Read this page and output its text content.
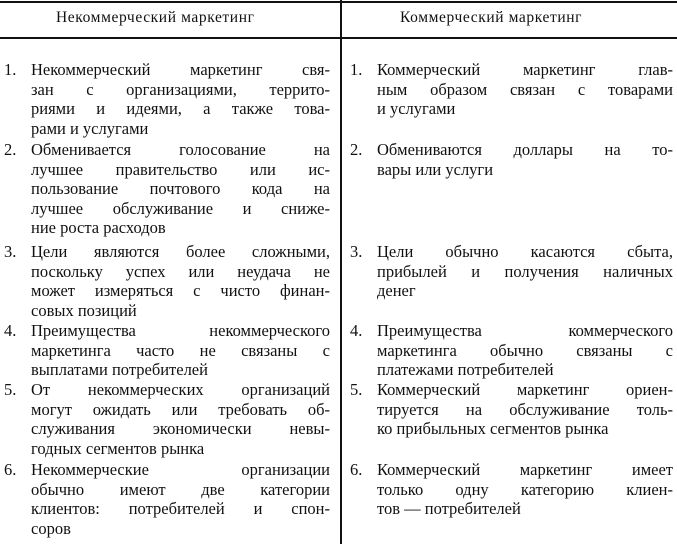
Некоммерческий маркетинг	Коммерческий маркетинг
1. Некоммерческий маркетинг свя-
зан с организациями, террито-
риями и идеями, а также това-
рами и услугами
2. Обменивается голосование на
лучшее правительство или ис-
пользование почтового кода на
лучшее обслуживание и сниже-
ние роста расходов
3. Цели являются более сложными,
поскольку успех или неудача не
может измеряться с чисто финан-
совых позиций
4. Преимущества некоммерческого
маркетинга часто не связаны с
выплатами потребителей
5. От некоммерческих организаций
могут ожидать или требовать об-
служивания экономически невы-
годных сегментов рынка
6. Некоммерческие организации
обычно имеют две категории
клиентов: потребителей и спон-
соров
1. Коммерческий маркетинг глав-
ным образом связан с товарами
и услугами
2. Обмениваются доллары на то-
вары или услуги
3. Цели обычно касаются сбыта,
прибылей и получения наличных
денег
4. Преимущества коммерческого
маркетинга обычно связаны с
платежами потребителей
5. Коммерческий маркетинг ориен-
тируется на обслуживание толь-
ко прибыльных сегментов рынка
6. Коммерческий маркетинг имеет
только одну категорию клиен-
тов — потребителей
